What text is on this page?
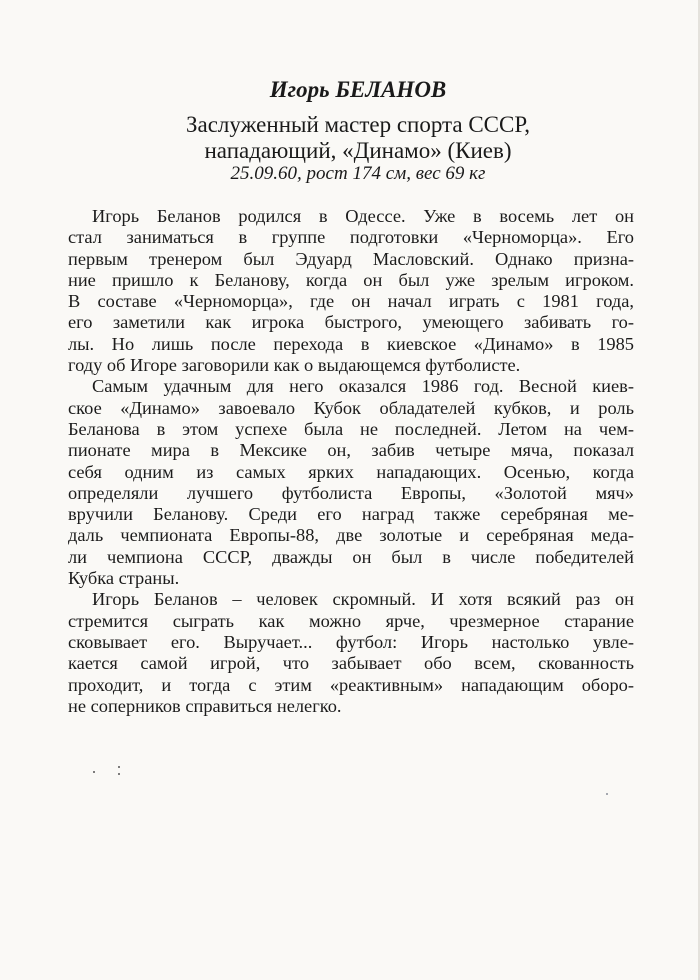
Игорь БЕЛАНОВ
Заслуженный мастер спорта СССР,
нападающий, «Динамо» (Киев)
25.09.60, рост 174 см, вес 69 кг
Игорь Беланов родился в Одессе. Уже в восемь лет он
стал заниматься в группе подготовки «Черноморца». Его
первым тренером был Эдуард Масловский. Однако призна-
ние пришло к Беланову, когда он был уже зрелым игроком.
В составе «Черноморца», где он начал играть с 1981 года,
его заметили как игрока быстрого, умеющего забивать го-
лы. Но лишь после перехода в киевское «Динамо» в 1985
году об Игоре заговорили как о выдающемся футболисте.
Самым удачным для него оказался 1986 год. Весной киев-
ское «Динамо» завоевало Кубок обладателей кубков, и роль
Беланова в этом успехе была не последней. Летом на чем-
пионате мира в Мексике он, забив четыре мяча, показал
себя одним из самых ярких нападающих. Осенью, когда
определяли лучшего футболиста Европы, «Золотой мяч»
вручили Беланову. Среди его наград также серебряная ме-
даль чемпионата Европы-88, две золотые и серебряная меда-
ли чемпиона СССР, дважды он был в числе победителей
Кубка страны.
Игорь Беланов – человек скромный. И хотя всякий раз он
стремится сыграть как можно ярче, чрезмерное старание
сковывает его. Выручает... футбол: Игорь настолько увле-
кается самой игрой, что забывает обо всем, скованность
проходит, и тогда с этим «реактивным» нападающим оборо-
не соперников справиться нелегко.
